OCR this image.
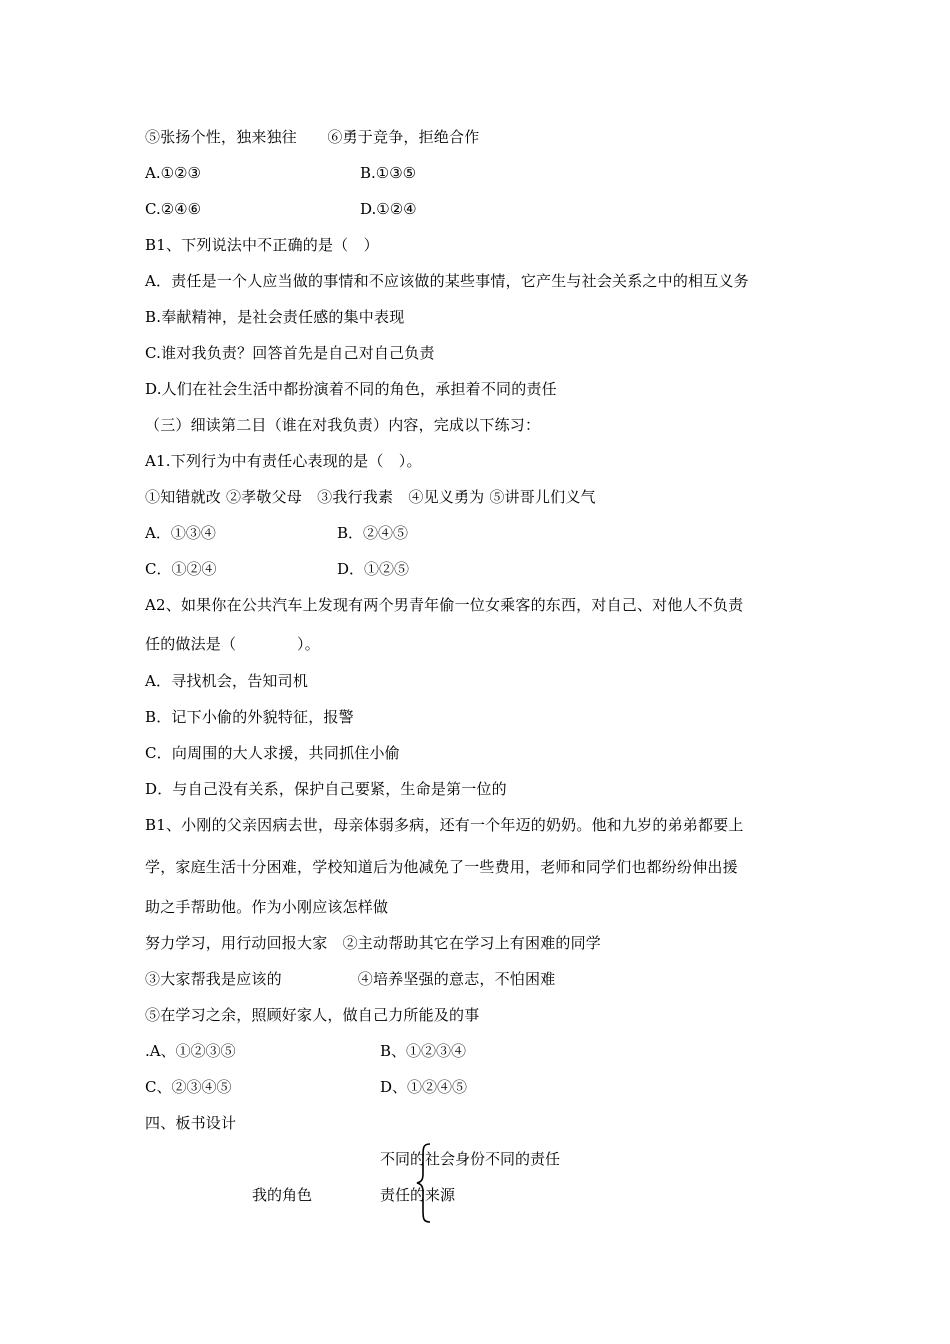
⑤张扬个性，独来独往　　⑥勇于竞争，拒绝合作
A.①②③	B.①③⑤
C.②④⑥	D.①②④
B1、下列说法中不正确的是（　）
A．责任是一个人应当做的事情和不应该做的某些事情，它产生与社会关系之中的相互义务
B.奉献精神，是社会责任感的集中表现
C.谁对我负责？回答首先是自己对自己负责
D.人们在社会生活中都扮演着不同的角色，承担着不同的责任
（三）细读第二目（谁在对我负责）内容，完成以下练习：
A1.下列行为中有责任心表现的是（　）。
①知错就改 ②孝敬父母　③我行我素　④见义勇为 ⑤讲哥儿们义气
A．①③④	B．②④⑤
C．①②④	D．①②⑤
A2、如果你在公共汽车上发现有两个男青年偷一位女乘客的东西，对自己、对他人不负责
任的做法是（　　　　）。
A．寻找机会，告知司机
B．记下小偷的外貌特征，报警
C．向周围的大人求援，共同抓住小偷
D．与自己没有关系，保护自己要紧，生命是第一位的
B1、小刚的父亲因病去世，母亲体弱多病，还有一个年迈的奶奶。他和九岁的弟弟都要上
学，家庭生活十分困难，学校知道后为他减免了一些费用，老师和同学们也都纷纷伸出援
助之手帮助他。作为小刚应该怎样做
努力学习，用行动回报大家　②主动帮助其它在学习上有困难的同学
③大家帮我是应该的　　　　　④培养坚强的意志，不怕困难
⑤在学习之余，照顾好家人，做自己力所能及的事
.A、①②③⑤	B、①②③④
C、②③④⑤	D、①②④⑤
四、板书设计
我的角色
不同的社会身份不同的责任
责任的来源
